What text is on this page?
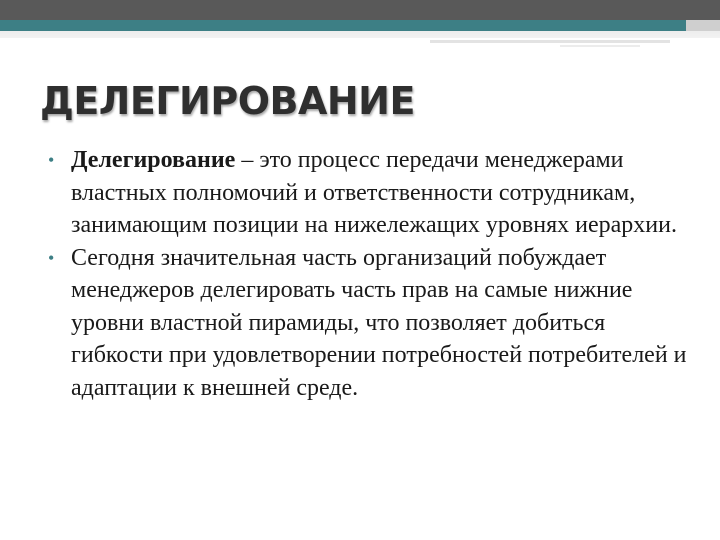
ДЕЛЕГИРОВАНИЕ
• Делегирование – это процесс передачи менеджерами властных полномочий и ответственности сотрудникам, занимающим позиции на нижележащих уровнях иерархии.
• Сегодня значительная часть организаций побуждает менеджеров делегировать часть прав на самые нижние уровни властной пирамиды, что позволяет добиться гибкости при удовлетворении потребностей потребителей и адаптации к внешней среде.
